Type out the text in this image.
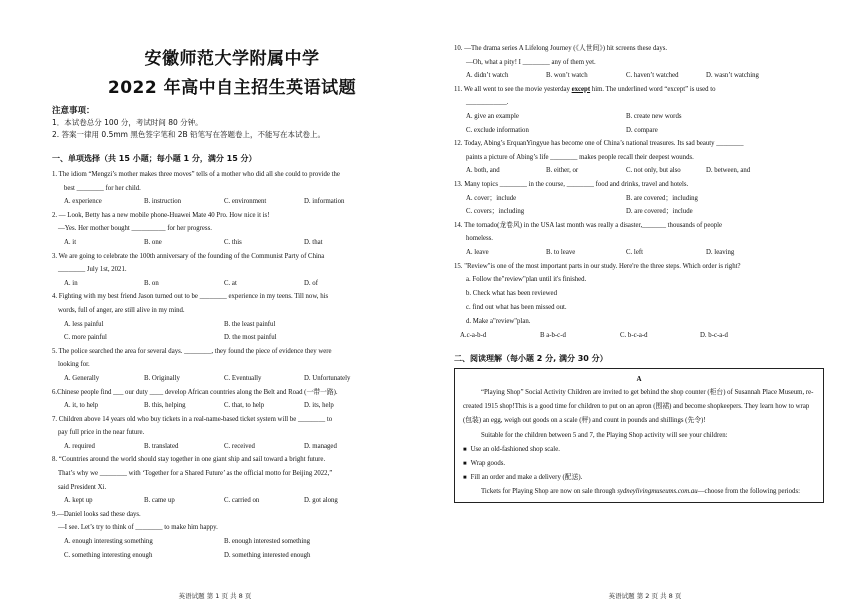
安徽师范大学附属中学
2022 年高中自主招生英语试题
注意事项：
1．本试卷总分 100 分，考试时间 80 分钟。
2. 答案一律用 0.5mm 黑色签字笔和 2B 铅笔写在答题卷上，不能写在本试卷上。
一、单项选择（共 15 小题；每小题 1 分，满分 15 分）
1. The idiom “Mengzi’s mother makes three moves” tells of a mother who did all she could to provide the
best ________ for her child.
A. experience	B. instruction	C. environment	D. information
2. — Look, Betty has a new mobile phone-Huawei Mate 40 Pro. How nice it is!
—Yes. Her mother bought __________ for her progress.
A. it	B. one	C. this	D. that
3. We are going to celebrate the 100th anniversary of the founding of the Communist Party of China
________ July 1st, 2021.
A. in	B. on	C. at	D. of
4. Fighting with my best friend Jason turned out to be ________ experience in my teens. Till now, his
words, full of anger, are still alive in my mind.
A. less painful	B. the least painful
C. more painful	D. the most painful
5. The police searched the area for several days. ________, they found the piece of evidence they were
looking for.
A. Generally	B. Originally	C. Eventually	D. Unfortunately
6.Chinese people find ___ our duty ____ develop African countries along the Belt and Road (一带一路).
A. it, to help	B. this, helping	C. that, to help	D. its, help
7. Children above 14 years old who buy tickets in a real-name-based ticket system will be ________ to
pay full price in the near future.
A. required	B. translated	C. received	D. managed
8. “Countries around the world should stay together in one giant ship and sail toward a bright future.
That’s why we ________ with ‘Together for a Shared Future’ as the official motto for Beijing 2022,”
said President Xi.
A. kept up	B. came up	C. carried on	D. got along
9.—Daniel looks sad these days.
—I see. Let’s try to think of ________ to make him happy.
A. enough interesting something	B. enough interested something
C. something interesting enough	D. something interested enough
英语试题 第 1 页 共 8 页
10. —The drama series A Lifelong Journey (《人世间》) hit screens these days.
—Oh, what a pity! I ________ any of them yet.
A. didn’t watch	B. won’t watch	C. haven’t watched	D. wasn’t watching
11. We all went to see the movie yesterday except him. The underlined word “except” is used to
____________.
A. give an example	B. create new words
C. exclude information	D. compare
12. Today, Abing’s ErquanYingyue has become one of China’s national treasures. Its sad beauty ________
paints a picture of Abing’s life ________ makes people recall their deepest wounds.
A. both, and	B. either, or	C. not only, but also	D. between, and
13. Many topics ________ in the course, ________ food and drinks, travel and hotels.
A. cover；include	B. are covered；including
C. covers；including	D. are covered；include
14. The tornado(龙卷风) in the USA last month was really a disaster,_______ thousands of people
homeless.
A. leave	B. to leave	C. left	D. leaving
15. "Review"is one of the most important parts in our study. Here're the three steps. Which order is right?
a. Follow the"review"plan until it's finished.
b. Check what has been reviewed
c. find out what has been missed out.
d. Make a"review"plan.
A.c-a-b-d	B a-b-c-d	C. b-c-a-d	D. b-c-a-d
二、阅读理解（每小题 2 分, 满分 30 分）
A
“Playing Shop” Social Activity Children are invited to get behind the shop counter (柜台) of Susannah Place Museum, re-created 1915 shop!This is a good time for children to put on an apron (围裙) and become shopkeepers. They learn how to wrap (包装) an egg, weigh out goods on a scale (秤) and count in pounds and shillings (先令)!
Suitable for the children between 5 and 7, the Playing Shop activity will see your children:
■ Use an old-fashioned shop scale.
■ Wrap goods.
■ Fill an order and make a delivery (配送).
Tickets for Playing Shop are now on sale through sydneylivingmuseums.com.au—choose from the following periods:
英语试题 第 2 页 共 8 页
